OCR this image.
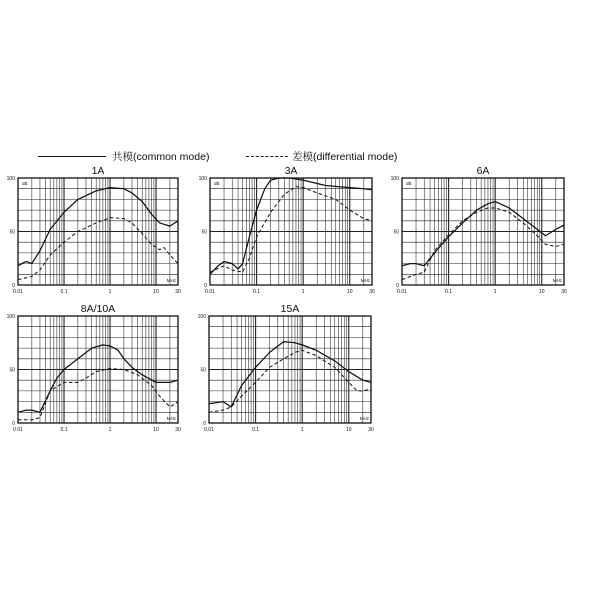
共模(common mode)	差模(differential mode)
1A
0
50
100
0.01	0.1	1	10	30
dB
MHz
3A
0
50
100
0.01	0.1	1	10	30
dB
MHz
6A
0
50
100
0.01	0.1	1	10	30
dB
MHz
8A/10A
0
50
100
0.01	0.1	1	10	30
MHz
15A
0
50
100
0.01	0.1	1	10	30
MHz
